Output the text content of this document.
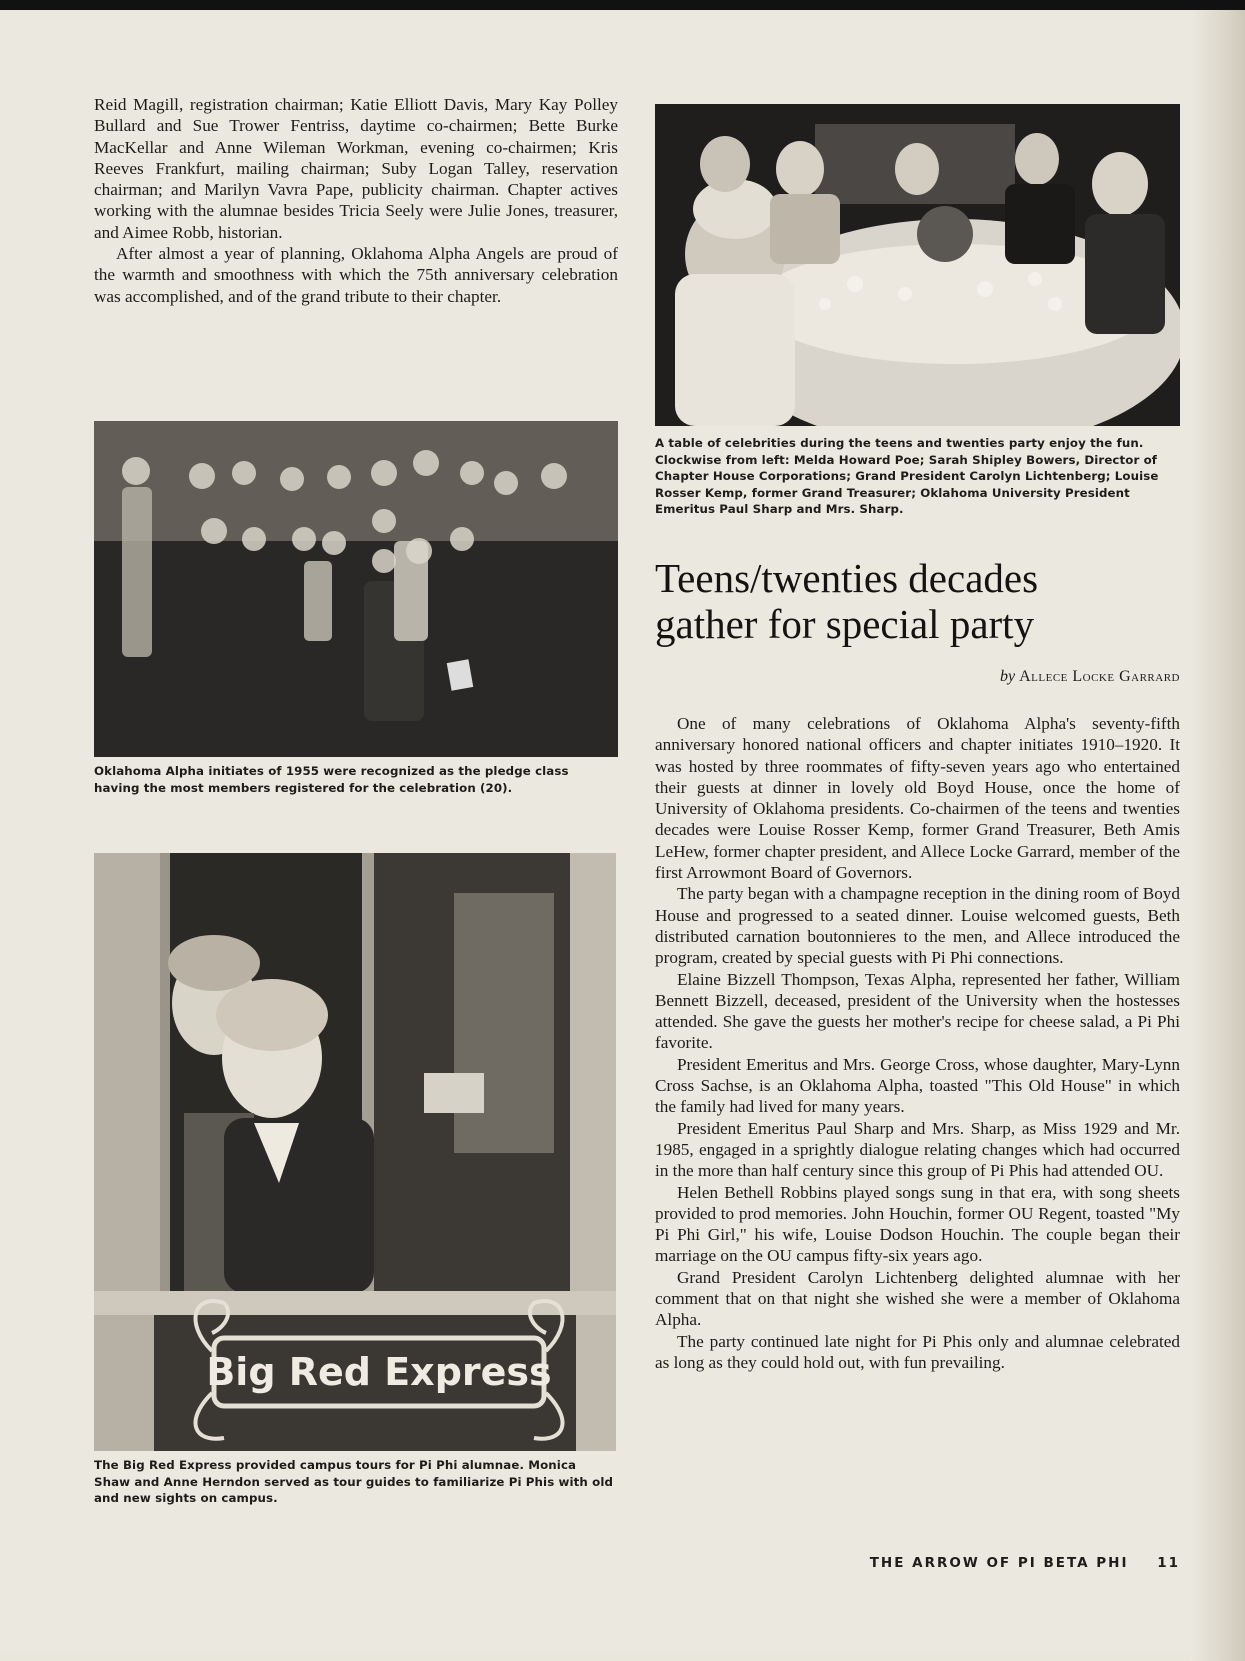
Reid Magill, registration chairman; Katie Elliott Davis, Mary Kay Polley Bullard and Sue Trower Fentriss, daytime co-chairmen; Bette Burke MacKellar and Anne Wileman Workman, evening co-chairmen; Kris Reeves Frankfurt, mailing chairman; Suby Logan Talley, reservation chairman; and Marilyn Vavra Pape, publicity chairman. Chapter actives working with the alumnae besides Tricia Seely were Julie Jones, treasurer, and Aimee Robb, historian.

After almost a year of planning, Oklahoma Alpha Angels are proud of the warmth and smoothness with which the 75th anniversary celebration was accomplished, and of the grand tribute to their chapter.

Oklahoma Alpha initiates of 1955 were recognized as the pledge class having the most members registered for the celebration (20).
Big Red Express
The Big Red Express provided campus tours for Pi Phi alumnae. Monica Shaw and Anne Herndon served as tour guides to familiarize Pi Phis with old and new sights on campus.
A table of celebrities during the teens and twenties party enjoy the fun. Clockwise from left: Melda Howard Poe; Sarah Shipley Bowers, Director of Chapter House Corporations; Grand President Carolyn Lichtenberg; Louise Rosser Kemp, former Grand Treasurer; Oklahoma University President Emeritus Paul Sharp and Mrs. Sharp.
Teens/twenties decades
gather for special party
by Allece Locke Garrard

One of many celebrations of Oklahoma Alpha's seventy-fifth anniversary honored national officers and chapter initiates 1910–1920. It was hosted by three roommates of fifty-seven years ago who entertained their guests at dinner in lovely old Boyd House, once the home of University of Oklahoma presidents. Co-chairmen of the teens and twenties decades were Louise Rosser Kemp, former Grand Treasurer, Beth Amis LeHew, former chapter president, and Allece Locke Garrard, member of the first Arrowmont Board of Governors.

The party began with a champagne reception in the dining room of Boyd House and progressed to a seated dinner. Louise welcomed guests, Beth distributed carnation boutonnieres to the men, and Allece introduced the program, created by special guests with Pi Phi connections.

Elaine Bizzell Thompson, Texas Alpha, represented her father, William Bennett Bizzell, deceased, president of the University when the hostesses attended. She gave the guests her mother's recipe for cheese salad, a Pi Phi favorite.

President Emeritus and Mrs. George Cross, whose daughter, Mary-Lynn Cross Sachse, is an Oklahoma Alpha, toasted "This Old House" in which the family had lived for many years.

President Emeritus Paul Sharp and Mrs. Sharp, as Miss 1929 and Mr. 1985, engaged in a sprightly dialogue relating changes which had occurred in the more than half century since this group of Pi Phis had attended OU.

Helen Bethell Robbins played songs sung in that era, with song sheets provided to prod memories. John Houchin, former OU Regent, toasted "My Pi Phi Girl," his wife, Louise Dodson Houchin. The couple began their marriage on the OU campus fifty-six years ago.

Grand President Carolyn Lichtenberg delighted alumnae with her comment that on that night she wished she were a member of Oklahoma Alpha.

The party continued late night for Pi Phis only and alumnae celebrated as long as they could hold out, with fun prevailing.

THE ARROW OF PI BETA PHI 11
